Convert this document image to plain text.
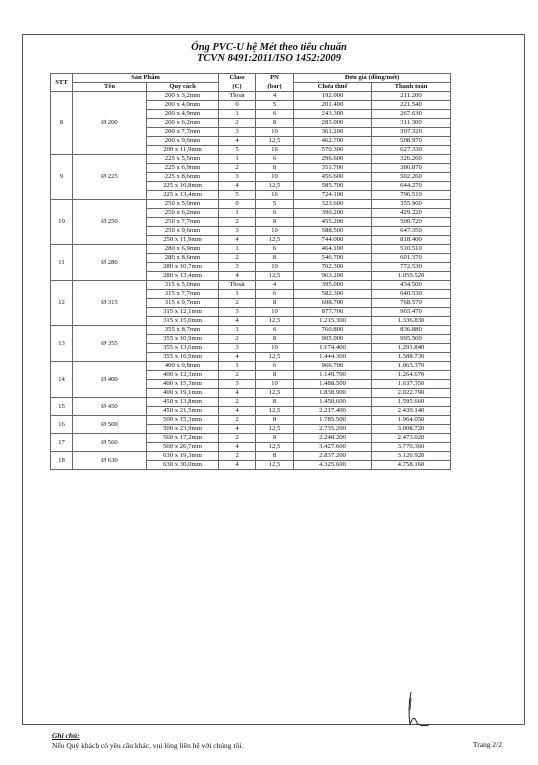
Ống PVC-U hệ Mét theo tiêu chuẩn
TCVN 8491:2011/ISO 1452:2009
STT	Sản Phẩm		Class	PN	Đơn giá (đồng/mét)	
	Tên	Quy cách	(C)	(bar)	Chưa thuế	Thanh toán
8	Ø 200	200 x 3,2mm	Thoát	4	192.000	211.200
		200 x 4,0mm	0	5	201.400	221.540
		200 x 4,9mm	1	6	243.300	267.630
		200 x 6,2mm	2	8	283.000	311.300
		200 x 7,7mm	3	10	361.200	397.320
		200 x 9,6mm	4	12,5	462.700	508.970
		200 x 11,9mm	5	16	570.300	627.330
9	Ø 225	225 x 5,5mm	1	6	296.600	326.260
		225 x 6,9mm	2	8	351.700	386.870
		225 x 8,6mm	3	10	456.600	502.260
		225 x 10,8mm	4	12,5	585.700	644.270
		225 x 13,4mm	5	16	724.100	796.510
10	Ø 250	250 x 5,0mm	0	5	323.600	355.960
		250 x 6,2mm	1	6	390.200	429.220
		250 x 7,7mm	2	8	455.200	500.720
		250 x 9,6mm	3	10	588.500	647.350
		250 x 11,9mm	4	12,5	744.000	818.400
11	Ø 280	280 x 6,9mm	1	6	464.100	510.510
		280 x 8,6mm	2	8	546.700	601.370
		280 x 10,7mm	3	10	702.300	772.530
		280 x 13,4mm	4	12,5	963.200	1.059.520
12	Ø 315	315 x 5,0mm	Thoát	4	395.000	434.500
		315 x 7,7mm	1	6	582.300	640.530
		315 x 9,7mm	2	8	698.700	768.570
		315 x 12,1mm	3	10	877.700	965.470
		315 x 15,0mm	4	12,5	1.215.300	1.336.830
13	Ø 355	355 x 8,7mm	1	6	760.800	836.880
		355 x 10,9mm	2	8	905.000	995.500
		355 x 13,6mm	3	10	1.174.400	1.291.840
		355 x 16,9mm	4	12,5	1.444.300	1.588.730
14	Ø 400	400 x 9,8mm	1	6	966.700	1.063.370
		400 x 12,3mm	2	8	1.149.700	1.264.670
		400 x 15,3mm	3	10	1.488.500	1.637.350
		400 x 19,1mm	4	12,5	1.838.900	2.022.790
15	Ø 450	450 x 13,8mm	2	8	1.450.600	1.595.660
		450 x 21,5mm	4	12,5	2.217.400	2.439.140
16	Ø 500	500 x 15,3mm	2	8	1.785.500	1.964.050
		500 x 23,9mm	4	12,5	2.735.200	3.008.720
17	Ø 560	560 x 17,2mm	2	8	2.248.200	2.473.020
		560 x 26,7mm	4	12,5	3.427.600	3.770.360
18	Ø 630	630 x 19,3mm	2	8	2.837.200	3.120.920
		630 x 30,0mm	4	12,5	4.325.600	4.758.160
Ghi chú:
Nếu Quý khách có yêu cầu khác, vui lòng liên hệ với chúng tôi.	Trang 2/2
